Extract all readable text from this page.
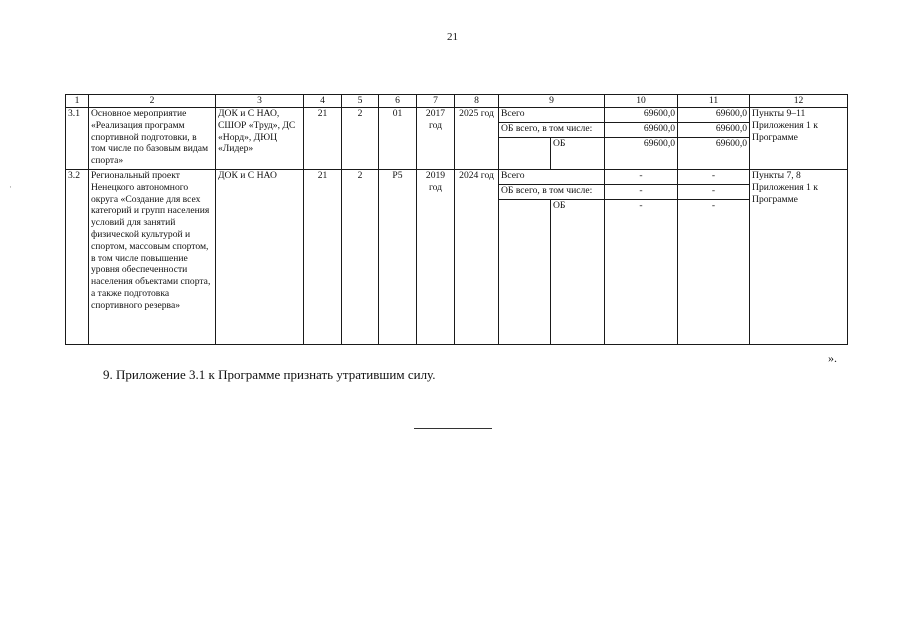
21
·
1	2	3	4	5	6	7	8	9		10	11	12
3.1	Основное мероприятие «Реализация программ спортивной подготовки, в том числе по базовым видам спорта»	ДОК и С НАО, СШОР «Труд», ДС «Норд», ДЮЦ «Лидер»	21	2	01	2017 год	2025 год	Всего		69600,0	69600,0	Пункты 9–11 Приложения 1 к Программе
								ОБ всего, в том числе:		69600,0	69600,0	
									ОБ	69600,0	69600,0	
3.2	Региональный проект Ненецкого автономного округа «Создание для всех категорий и групп населения условий для занятий физической культурой и спортом, массовым спортом, в том числе повышение уровня обеспеченности населения объектами спорта, а также подготовка спортивного резерва»	ДОК и С НАО	21	2	P5	2019 год	2024 год	Всего		-	-	Пункты 7, 8 Приложения 1 к Программе
								ОБ всего, в том числе:		-	-	
									ОБ	-	-	
».
9. Приложение 3.1 к Программе признать утратившим силу.
